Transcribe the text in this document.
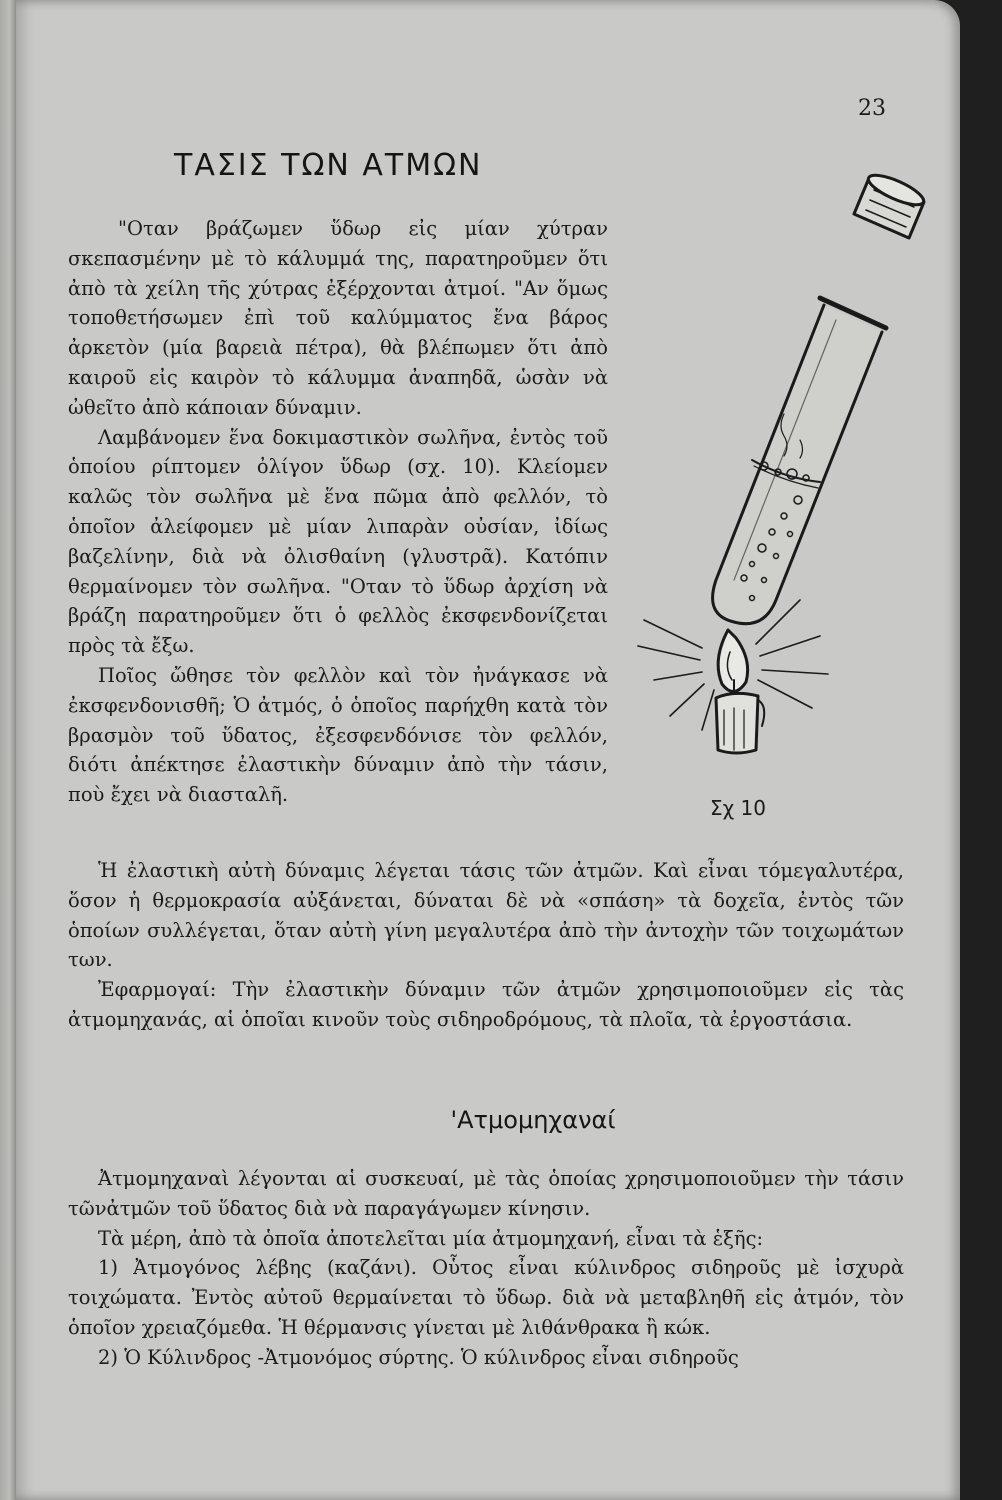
23
ΤΑΣΙΣ ΤΩΝ ΑΤΜΩΝ

"Οταν βράζωμεν ὕδωρ εἰς μίαν χύτραν σκεπασμένην μὲ τὸ κάλυμμά της, παρατηροῦμεν ὅτι ἀπὸ τὰ χείλη τῆς χύτρας ἐξέρχονται ἀτμοί. "Αν ὅμως τοποθετήσωμεν ἐπὶ τοῦ καλύμματος ἕνα βάρος ἀρκετὸν (μία βαρειὰ πέτρα), θὰ βλέπωμεν ὅτι ἀπὸ καιροῦ εἰς καιρὸν τὸ κάλυμμα ἀναπηδᾶ, ὡσὰν νὰ ὠθεῖτο ἀπὸ κάποιαν δύναμιν.

Λαμβάνομεν ἕνα δοκιμαστικὸν σωλῆνα, ἐντὸς τοῦ ὁποίου ρίπτομεν ὀλίγον ὕδωρ (σχ. 10). Κλείομεν καλῶς τὸν σωλῆνα μὲ ἕνα πῶμα ἀπὸ φελλόν, τὸ ὁποῖον ἀλείφομεν μὲ μίαν λιπαρὰν οὐσίαν, ἰδίως βαζελίνην, διὰ νὰ ὀλισθαίνη (γλυστρᾶ). Κατόπιν θερμαίνομεν τὸν σωλῆνα. "Οταν τὸ ὕδωρ ἀρχίση νὰ βράζη παρατηροῦμεν ὅτι ὁ φελλὸς ἐκσφενδονίζεται πρὸς τὰ ἔξω.

Ποῖος ὤθησε τὸν φελλὸν καὶ τὸν ἠνάγκασε νὰ ἐκσφενδονισθῆ; Ὁ ἀτμός, ὁ ὁποῖος παρήχθη κατὰ τὸν βρασμὸν τοῦ ὕδατος, ἐξεσφενδόνισε τὸν φελλόν, διότι ἀπέκτησε ἐλαστικὴν δύναμιν ἀπὸ τὴν τάσιν, ποὺ ἔχει νὰ διασταλῆ.

Σχ 10

Ἡ ἐλαστικὴ αὐτὴ δύναμις λέγεται τάσις τῶν ἀτμῶν. Καὶ εἶναι τόμεγαλυτέρα, ὅσον ἡ θερμοκρασία αὐξάνεται, δύναται δὲ νὰ «σπάση» τὰ δοχεῖα, ἐντὸς τῶν ὁποίων συλλέγεται, ὅταν αὐτὴ γίνη μεγαλυτέρα ἀπὸ τὴν ἀντοχὴν τῶν τοιχωμάτων των.

Ἐφαρμογαί: Τὴν ἐλαστικὴν δύναμιν τῶν ἀτμῶν χρησιμοποιοῦμεν εἰς τὰς ἀτμομηχανάς, αἱ ὁποῖαι κινοῦν τοὺς σιδηροδρόμους, τὰ πλοῖα, τὰ ἐργοστάσια.

'Ατμομηχαναί

Ἀτμομηχαναὶ λέγονται αἱ συσκευαί, μὲ τὰς ὁποίας χρησιμοποιοῦμεν τὴν τάσιν τῶνἀτμῶν τοῦ ὕδατος διὰ νὰ παραγάγωμεν κίνησιν.

Τὰ μέρη, ἀπὸ τὰ ὁποῖα ἀποτελεῖται μία ἀτμομηχανή, εἶναι τὰ ἑξῆς:

1) Ἀτμογόνος λέβης (καζάνι). Οὗτος εἶναι κύλινδρος σιδηροῦς μὲ ἰσχυρὰ τοιχώματα. Ἐντὸς αὐτοῦ θερμαίνεται τὸ ὕδωρ. διὰ νὰ μεταβληθῆ εἰς ἀτμόν, τὸν ὁποῖον χρειαζόμεθα. Ἡ θέρμανσις γίνεται μὲ λιθάνθρακα ἢ κώκ.

2) Ὁ Κύλινδρος -Ἀτμονόμος σύρτης. Ὁ κύλινδρος εἶναι σιδηροῦς
